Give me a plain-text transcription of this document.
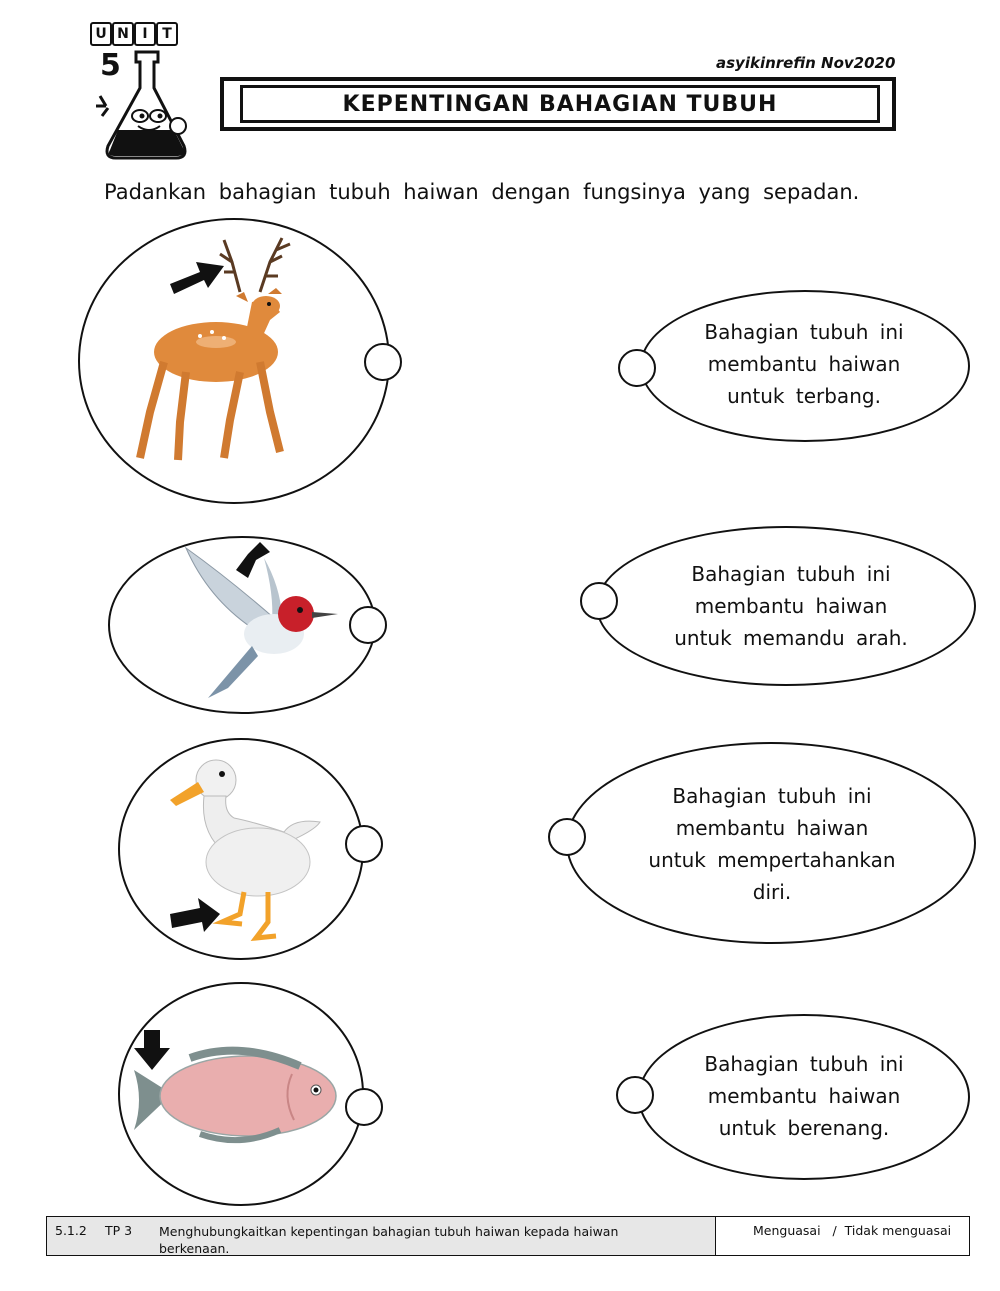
U N I	T
5	asyikinrefin Nov2020
KEPENTINGAN BAHAGIAN TUBUH
Padankan bahagian tubuh haiwan dengan fungsinya yang sepadan.
Bahagian tubuh ini
membantu haiwan
untuk terbang.
Bahagian tubuh ini
membantu haiwan
untuk memandu arah.
Bahagian tubuh ini
membantu haiwan
untuk mempertahankan
diri.
Bahagian tubuh ini
membantu haiwan
untuk berenang.
5.1.2 TP 3 Menghubungkaitkan kepentingan bahagian tubuh haiwan kepada haiwan berkenaan.
Menguasai   /  Tidak menguasai
